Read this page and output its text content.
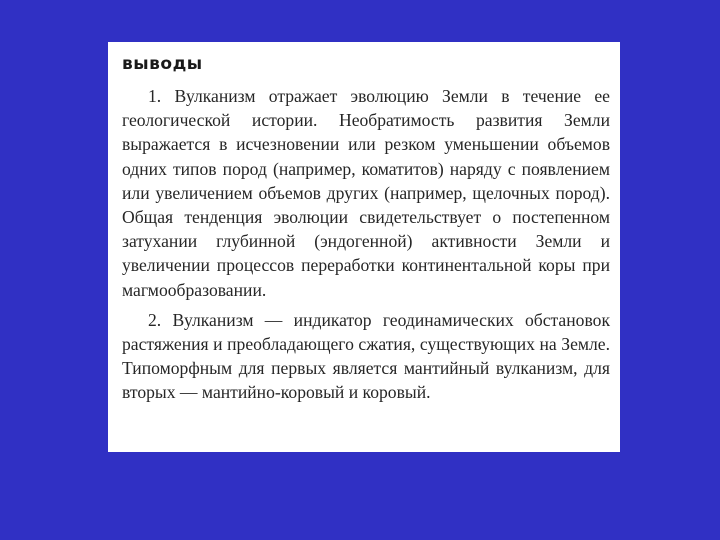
выводы

1. Вулканизм отражает эволюцию Земли в течение ее геологической истории. Необратимость развития Земли выражается в исчезновении или резком уменьшении объемов одних типов пород (например, коматитов) наряду с появлением или увеличением объемов других (например, щелочных пород). Общая тенденция эволюции свидетельствует о постепенном затухании глубинной (эндогенной) активности Земли и увеличении процессов переработки континентальной коры при магмообразовании.

2. Вулканизм — индикатор геодинамических обстановок растяжения и преобладающего сжатия, существующих на Земле. Типоморфным для первых является мантийный вулканизм, для вторых — мантийно-коровый и коровый.
